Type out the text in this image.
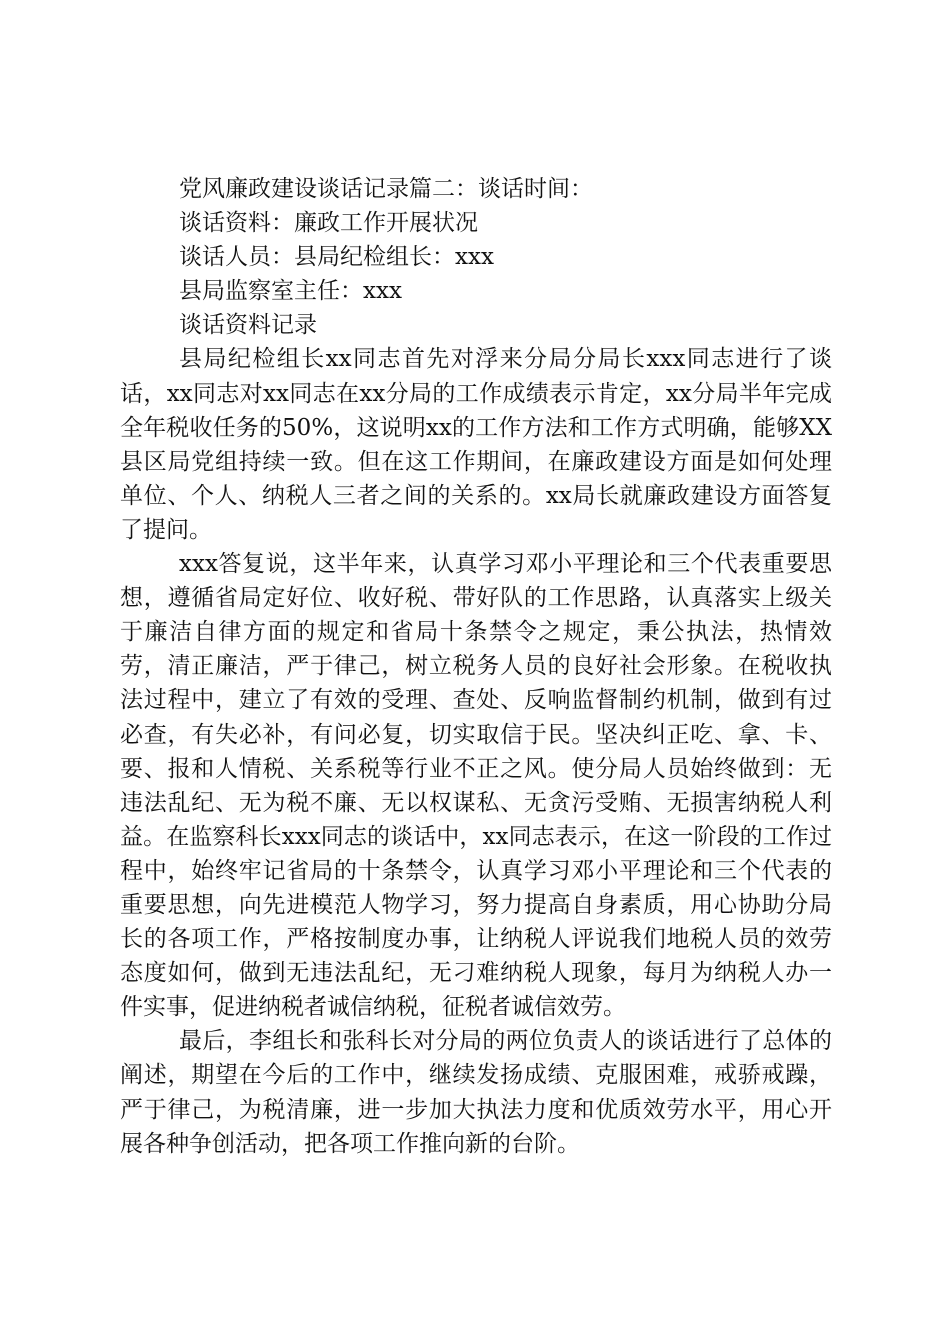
党风廉政建设谈话记录篇二：谈话时间：

谈话资料：廉政工作开展状况

谈话人员：县局纪检组长：xxx

县局监察室主任：xxx

谈话资料记录

县局纪检组长xx同志首先对浮来分局分局长xxx同志进行了谈话，xx同志对xx同志在xx分局的工作成绩表示肯定，xx分局半年完成全年税收任务的50%，这说明xx的工作方法和工作方式明确，能够XX县区局党组持续一致。但在这工作期间，在廉政建设方面是如何处理单位、个人、纳税人三者之间的关系的。xx局长就廉政建设方面答复了提问。

xxx答复说，这半年来，认真学习邓小平理论和三个代表重要思想，遵循省局定好位、收好税、带好队的工作思路，认真落实上级关于廉洁自律方面的规定和省局十条禁令之规定，秉公执法，热情效劳，清正廉洁，严于律己，树立税务人员的良好社会形象。在税收执法过程中，建立了有效的受理、查处、反响监督制约机制，做到有过必查，有失必补，有问必复，切实取信于民。坚决纠正吃、拿、卡、要、报和人情税、关系税等行业不正之风。使分局人员始终做到：无违法乱纪、无为税不廉、无以权谋私、无贪污受贿、无损害纳税人利益。在监察科长xxx同志的谈话中，xx同志表示，在这一阶段的工作过程中，始终牢记省局的十条禁令，认真学习邓小平理论和三个代表的重要思想，向先进模范人物学习，努力提高自身素质，用心协助分局长的各项工作，严格按制度办事，让纳税人评说我们地税人员的效劳态度如何，做到无违法乱纪，无刁难纳税人现象，每月为纳税人办一件实事，促进纳税者诚信纳税，征税者诚信效劳。

最后，李组长和张科长对分局的两位负责人的谈话进行了总体的阐述，期望在今后的工作中，继续发扬成绩、克服困难，戒骄戒躁，严于律己，为税清廉，进一步加大执法力度和优质效劳水平，用心开展各种争创活动，把各项工作推向新的台阶。
